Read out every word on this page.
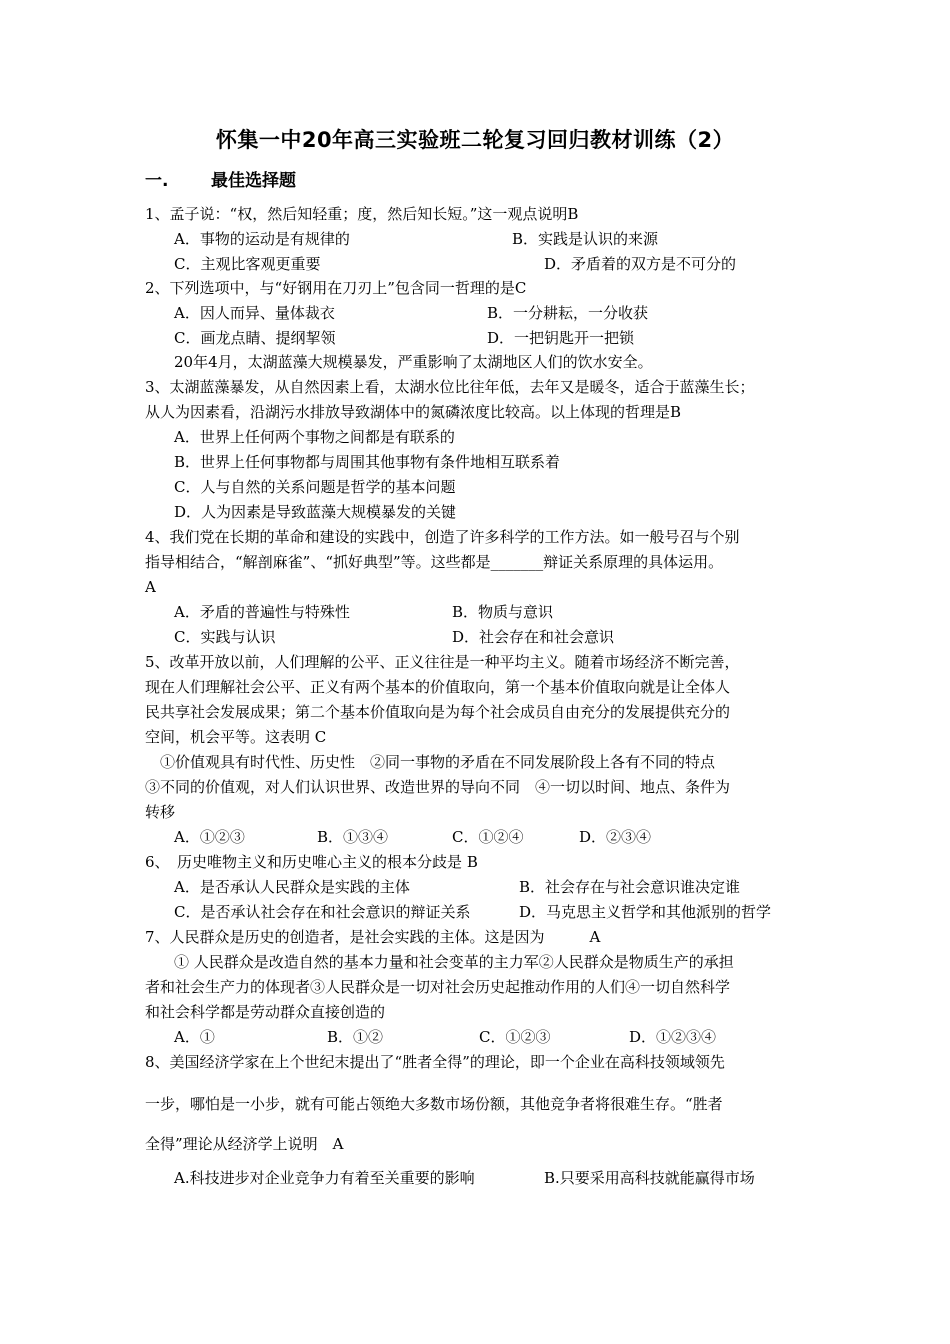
怀集一中20年高三实验班二轮复习回归教材训练（2）
一.	最佳选择题
1、孟子说：“权，然后知轻重；度，然后知长短。”这一观点说明B
A．事物的运动是有规律的	B．实践是认识的来源
C．主观比客观更重要	D．矛盾着的双方是不可分的
2、下列选项中，与“好钢用在刀刃上”包含同一哲理的是C
A．因人而异、量体裁衣	B．一分耕耘，一分收获
C．画龙点睛、提纲挈领	D．一把钥匙开一把锁
20年4月，太湖蓝藻大规模暴发，严重影响了太湖地区人们的饮水安全。
3、太湖蓝藻暴发，从自然因素上看，太湖水位比往年低，去年又是暖冬，适合于蓝藻生长；
从人为因素看，沿湖污水排放导致湖体中的氮磷浓度比较高。以上体现的哲理是B
A．世界上任何两个事物之间都是有联系的
B．世界上任何事物都与周围其他事物有条件地相互联系着
C．人与自然的关系问题是哲学的基本问题
D．人为因素是导致蓝藻大规模暴发的关键
4、我们党在长期的革命和建设的实践中，创造了许多科学的工作方法。如一般号召与个别
指导相结合，“解剖麻雀”、“抓好典型”等。这些都是_______辩证关系原理的具体运用。
A
A．矛盾的普遍性与特殊性	B．物质与意识
C．实践与认识	D．社会存在和社会意识
5、改革开放以前，人们理解的公平、正义往往是一种平均主义。随着市场经济不断完善，
现在人们理解社会公平、正义有两个基本的价值取向，第一个基本价值取向就是让全体人
民共享社会发展成果；第二个基本价值取向是为每个社会成员自由充分的发展提供充分的
空间，机会平等。这表明 C
①价值观具有时代性、历史性　②同一事物的矛盾在不同发展阶段上各有不同的特点
③不同的价值观，对人们认识世界、改造世界的导向不同　④一切以时间、地点、条件为
转移
A．①②③	B．①③④	C．①②④	D．②③④
6、　历史唯物主义和历史唯心主义的根本分歧是 B
A．是否承认人民群众是实践的主体	B．社会存在与社会意识谁决定谁
C．是否承认社会存在和社会意识的辩证关系	D．马克思主义哲学和其他派别的哲学
7、人民群众是历史的创造者，是社会实践的主体。这是因为　　　A
① 人民群众是改造自然的基本力量和社会变革的主力军②人民群众是物质生产的承担
者和社会生产力的体现者③人民群众是一切对社会历史起推动作用的人们④一切自然科学
和社会科学都是劳动群众直接创造的
A．①	B．①②	C．①②③	D．①②③④
8、美国经济学家在上个世纪末提出了“胜者全得”的理论，即一个企业在高科技领域领先
一步，哪怕是一小步，就有可能占领绝大多数市场份额，其他竞争者将很难生存。“胜者
全得”理论从经济学上说明　A
A.科技进步对企业竞争力有着至关重要的影响	B.只要采用高科技就能赢得市场
